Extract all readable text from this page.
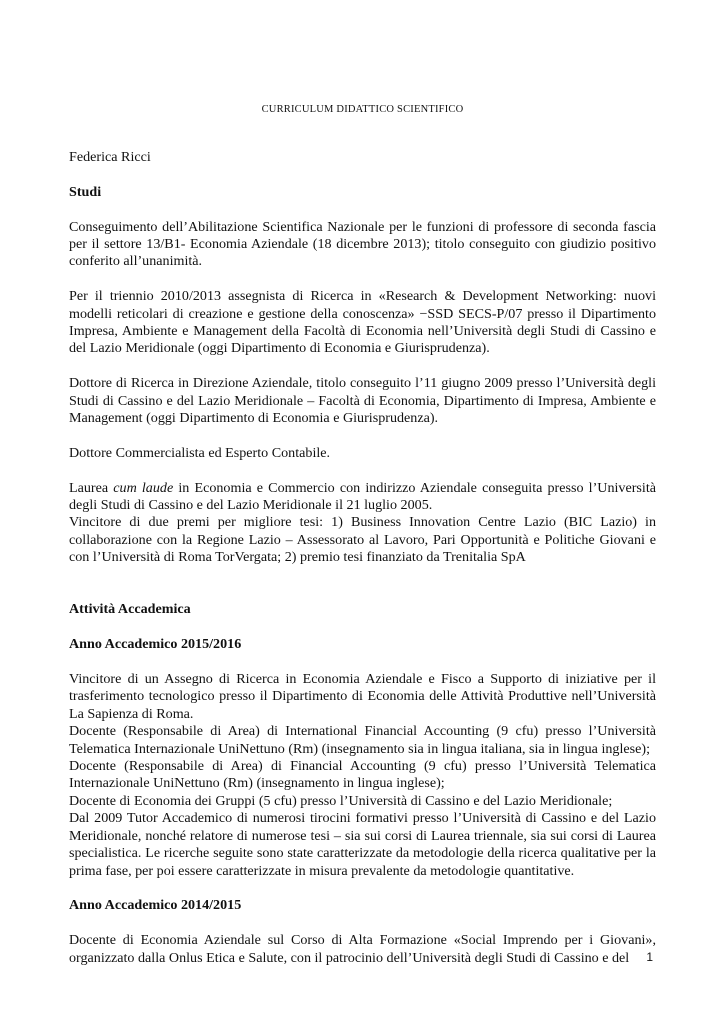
CURRICULUM DIDATTICO SCIENTIFICO

Federica Ricci

Studi

Conseguimento dell’Abilitazione Scientifica Nazionale per le funzioni di professore di seconda fascia per il settore 13/B1- Economia Aziendale (18 dicembre 2013); titolo conseguito con giudizio positivo conferito all’unanimità.

Per il triennio 2010/2013 assegnista di Ricerca in «Research & Development Networking: nuovi modelli reticolari di creazione e gestione della conoscenza» −SSD SECS-P/07 presso il Dipartimento Impresa, Ambiente e Management della Facoltà di Economia nell’Università degli Studi di Cassino e del Lazio Meridionale (oggi Dipartimento di Economia e Giurisprudenza).

Dottore di Ricerca in Direzione Aziendale, titolo conseguito l’11 giugno 2009 presso l’Università degli Studi di Cassino e del Lazio Meridionale – Facoltà di Economia, Dipartimento di Impresa, Ambiente e Management (oggi Dipartimento di Economia e Giurisprudenza).

Dottore Commercialista ed Esperto Contabile.

Laurea cum laude in Economia e Commercio con indirizzo Aziendale conseguita presso l’Università degli Studi di Cassino e del Lazio Meridionale il 21 luglio 2005.

Vincitore di due premi per migliore tesi: 1) Business Innovation Centre Lazio (BIC Lazio) in collaborazione con la Regione Lazio – Assessorato al Lavoro, Pari Opportunità e Politiche Giovani e con l’Università di Roma TorVergata; 2) premio tesi finanziato da Trenitalia SpA

Attività Accademica

Anno Accademico 2015/2016

Vincitore di un Assegno di Ricerca in Economia Aziendale e Fisco a Supporto di iniziative per il trasferimento tecnologico presso il Dipartimento di Economia delle Attività Produttive nell’Università La Sapienza di Roma.

Docente (Responsabile di Area) di International Financial Accounting (9 cfu) presso l’Università Telematica Internazionale UniNettuno (Rm) (insegnamento sia in lingua italiana, sia in lingua inglese);

Docente (Responsabile di Area) di Financial Accounting (9 cfu) presso l’Università Telematica Internazionale UniNettuno (Rm) (insegnamento in lingua inglese);

Docente di Economia dei Gruppi (5 cfu) presso l’Università di Cassino e del Lazio Meridionale;

Dal 2009 Tutor Accademico di numerosi tirocini formativi presso l’Università di Cassino e del Lazio Meridionale, nonché relatore di numerose tesi – sia sui corsi di Laurea triennale, sia sui corsi di Laurea specialistica. Le ricerche seguite sono state caratterizzate da metodologie della ricerca qualitative per la prima fase, per poi essere caratterizzate in misura prevalente da metodologie quantitative.

Anno Accademico 2014/2015

Docente di Economia Aziendale sul Corso di Alta Formazione «Social Imprendo per i Giovani», organizzato dalla Onlus Etica e Salute, con il patrocinio dell’Università degli Studi di Cassino e del	1
